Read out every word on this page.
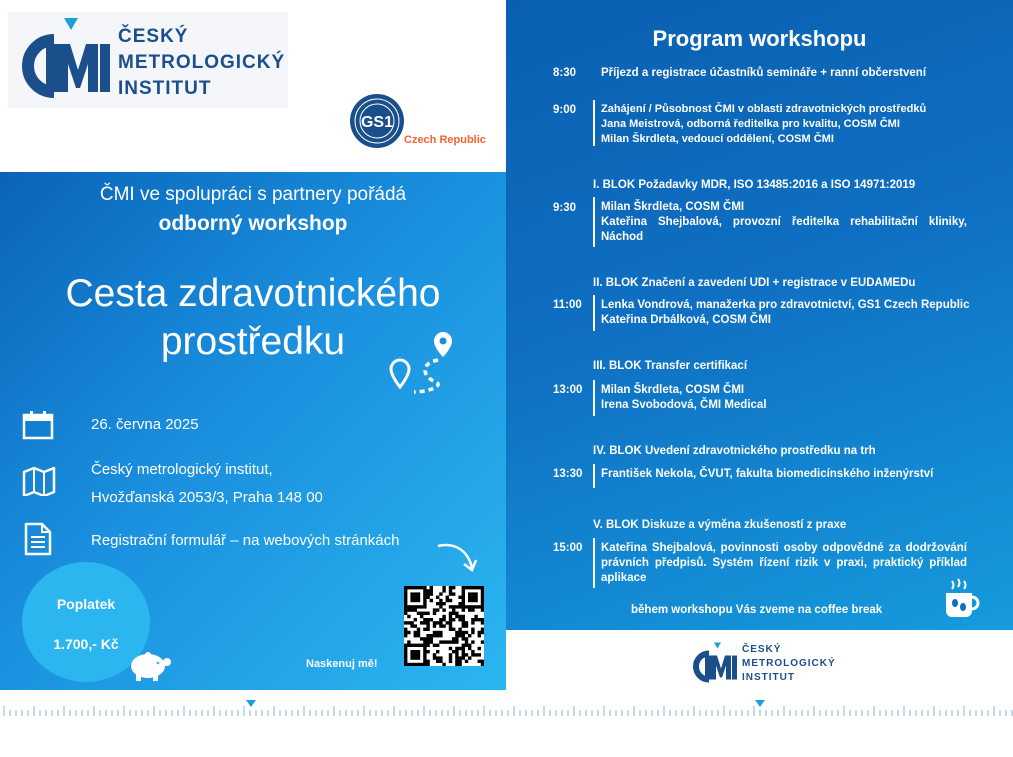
ČESKÝ
METROLOGICKÝ
INSTITUT
GS1
Czech Republic
ČMI ve spolupráci s partnery pořádá
odborný workshop
Cesta zdravotnického
prostředku
26. června 2025
Český metrologický institut,
Hvožďanská 2053/3, Praha 148 00
Registrační formulář – na webových stránkách
Poplatek
1.700,- Kč
Naskenuj mě!
Program workshopu
8:30 Příjezd a registrace účastníků semináře + ranní občerstvení
9:00 Zahájení / Působnost ČMI v oblasti zdravotnických prostředků
Jana Meistrová, odborná ředitelka pro kvalitu, COSM ČMI
Milan Škrdleta, vedoucí oddělení, COSM ČMI
I. BLOK Požadavky MDR, ISO 13485:2016 a ISO 14971:2019
9:30 Milan Škrdleta, COSM ČMI
Kateřina Shejbalová, provozní ředitelka rehabilitační kliniky,
Náchod
II. BLOK Značení a zavedení UDI + registrace v EUDAMEDu
11:00 Lenka Vondrová, manažerka pro zdravotnictví, GS1 Czech Republic
Kateřina Drbálková, COSM ČMI
III. BLOK Transfer certifikací
13:00 Milan Škrdleta, COSM ČMI
Irena Svobodová, ČMI Medical
IV. BLOK Uvedení zdravotnického prostředku na trh
13:30 František Nekola, ČVUT, fakulta biomedicínského inženýrství
V. BLOK Diskuze a výměna zkušeností z praxe
15:00 Kateřina Shejbalová, povinnosti osoby odpovědné za dodržování
právních předpisů. Systém řízení rizik v praxi, praktický příklad
aplikace
během workshopu Vás zveme na coffee break
ČESKÝ
METROLOGICKÝ
INSTITUT
